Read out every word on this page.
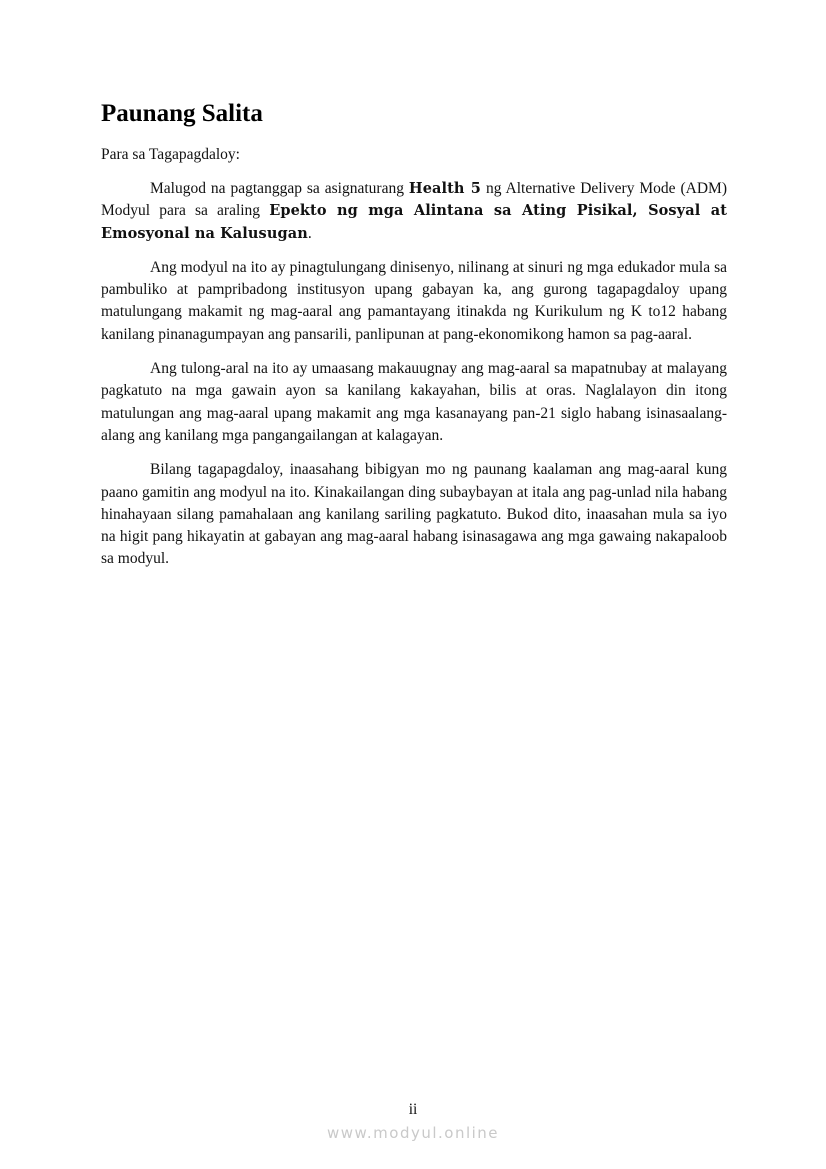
Paunang Salita

Para sa Tagapagdaloy:

Malugod na pagtanggap sa asignaturang Health 5 ng Alternative Delivery Mode (ADM) Modyul para sa araling Epekto ng mga Alintana sa Ating Pisikal, Sosyal at Emosyonal na Kalusugan.

Ang modyul na ito ay pinagtulungang dinisenyo, nilinang at sinuri ng mga edukador mula sa pambuliko at pampribadong institusyon upang gabayan ka, ang gurong tagapagdaloy upang matulungang makamit ng mag-aaral ang pamantayang itinakda ng Kurikulum ng K to12 habang kanilang pinanagumpayan ang pansarili, panlipunan at pang-ekonomikong hamon sa pag-aaral.

Ang tulong-aral na ito ay umaasang makauugnay ang mag-aaral sa mapatnubay at malayang pagkatuto na mga gawain ayon sa kanilang kakayahan, bilis at oras. Naglalayon din itong matulungan ang mag-aaral upang makamit ang mga kasanayang pan-21 siglo habang isinasaalang-alang ang kanilang mga pangangailangan at kalagayan.

Bilang tagapagdaloy, inaasahang bibigyan mo ng paunang kaalaman ang mag-aaral kung paano gamitin ang modyul na ito. Kinakailangan ding subaybayan at itala ang pag-unlad nila habang hinahayaan silang pamahalaan ang kanilang sariling pagkatuto. Bukod dito, inaasahan mula sa iyo na higit pang hikayatin at gabayan ang mag-aaral habang isinasagawa ang mga gawaing nakapaloob sa modyul.

ii
www.modyul.online
